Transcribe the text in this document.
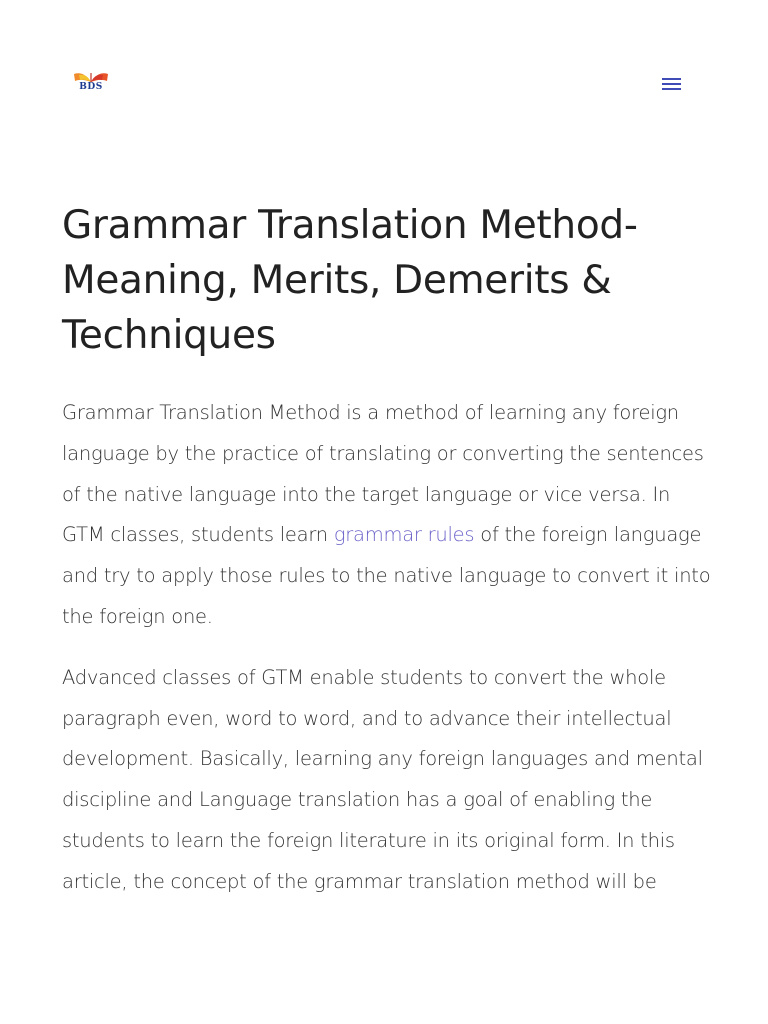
BDS
Grammar Translation Method-
Meaning, Merits, Demerits &
Techniques

Grammar Translation Method is a method of learning any foreign language by the practice of translating or converting the sentences of the native language into the target language or vice versa. In GTM classes, students learn grammar rules of the foreign language and try to apply those rules to the native language to convert it into the foreign one.

Advanced classes of GTM enable students to convert the whole paragraph even, word to word, and to advance their intellectual development. Basically, learning any foreign languages and mental discipline and Language translation has a goal of enabling the students to learn the foreign literature in its original form. In this article, the concept of the grammar translation method will be
